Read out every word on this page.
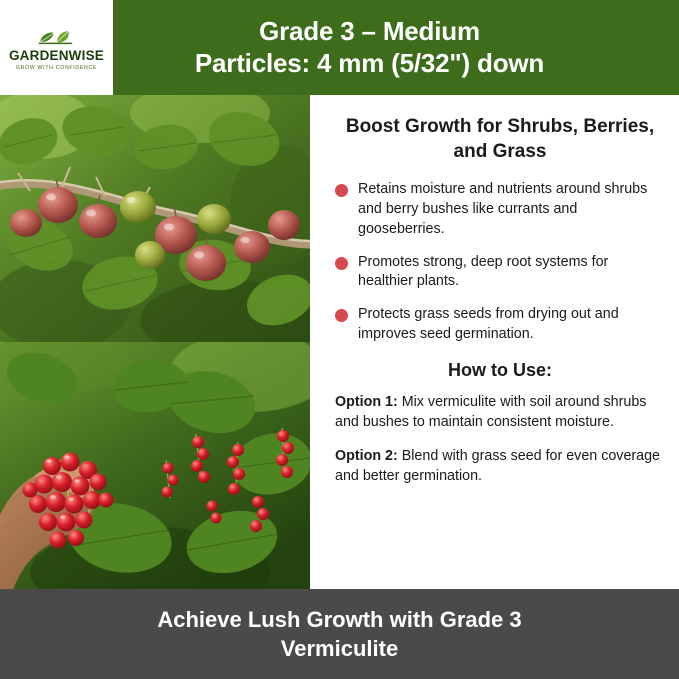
GARDENWISE
GROW WITH CONFIDENCE
Grade 3 – Medium
Particles: 4 mm (5/32") down
Boost Growth for Shrubs, Berries, and Grass
Retains moisture and nutrients around shrubs and berry bushes like currants and gooseberries.
Promotes strong, deep root systems for healthier plants.
Protects grass seeds from drying out and improves seed germination.
How to Use:

Option 1: Mix vermiculite with soil around shrubs and bushes to maintain consistent moisture.

Option 2: Blend with grass seed for even coverage and better germination.

Achieve Lush Growth with Grade 3
Vermiculite
